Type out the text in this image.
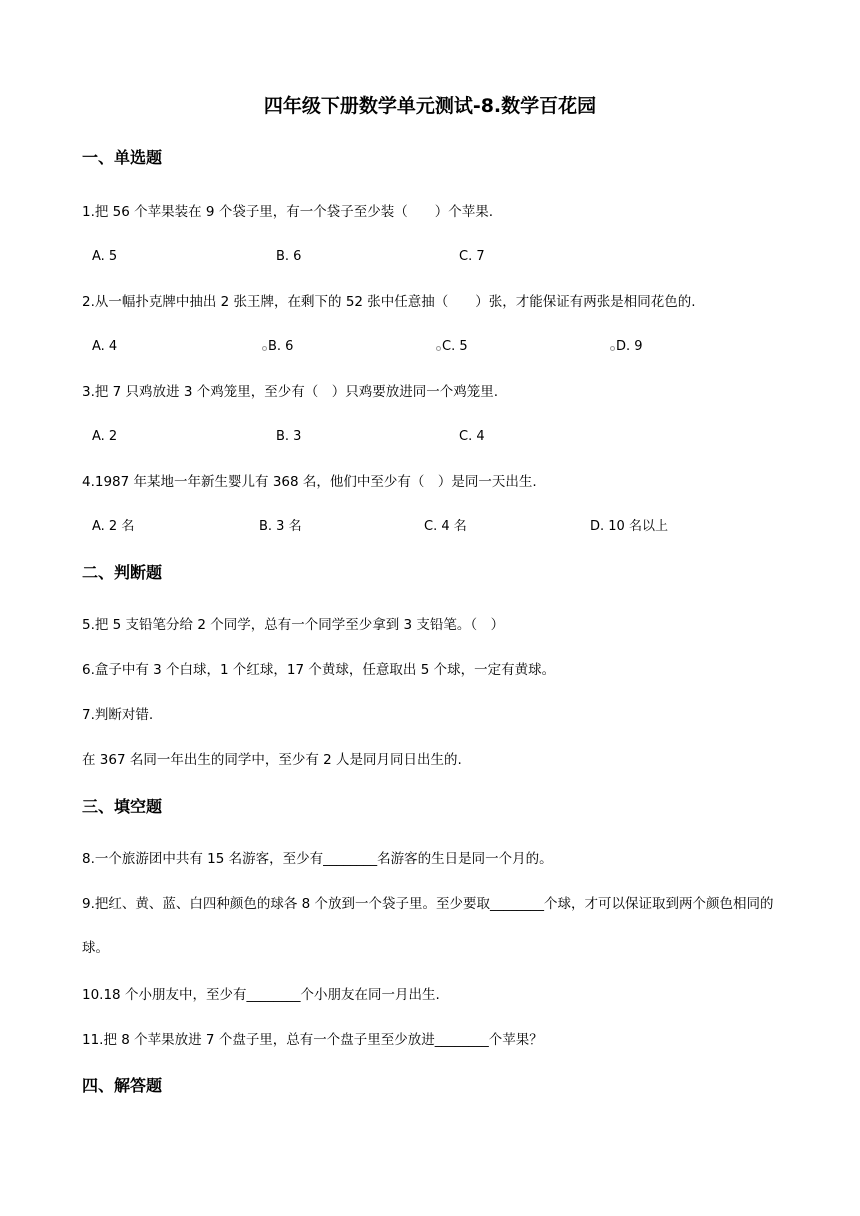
四年级下册数学单元测试-8.数学百花园
一、单选题
1.把 56 个苹果装在 9 个袋子里，有一个袋子至少装（　　）个苹果.
A. 5	B. 6	C. 7
2.从一幅扑克牌中抽出 2 张王牌，在剩下的 52 张中任意抽（　　）张，才能保证有两张是相同花色的.
A. 4	B. 6	C. 5	D. 9
3.把 7 只鸡放进 3 个鸡笼里，至少有（　）只鸡要放进同一个鸡笼里.
A. 2	B. 3	C. 4
4.1987 年某地一年新生婴儿有 368 名，他们中至少有（　）是同一天出生.
A. 2 名	B. 3 名	C. 4 名	D. 10 名以上
二、判断题
5.把 5 支铅笔分给 2 个同学，总有一个同学至少拿到 3 支铅笔。（　）
6.盒子中有 3 个白球，1 个红球，17 个黄球，任意取出 5 个球，一定有黄球。
7.判断对错.
在 367 名同一年出生的同学中，至少有 2 人是同月同日出生的.
三、填空题
8.一个旅游团中共有 15 名游客，至少有________名游客的生日是同一个月的。
9.把红、黄、蓝、白四种颜色的球各 8 个放到一个袋子里。至少要取________个球，才可以保证取到两个颜色相同的球。
10.18 个小朋友中，至少有________个小朋友在同一月出生.
11.把 8 个苹果放进 7 个盘子里，总有一个盘子里至少放进________个苹果？
四、解答题
